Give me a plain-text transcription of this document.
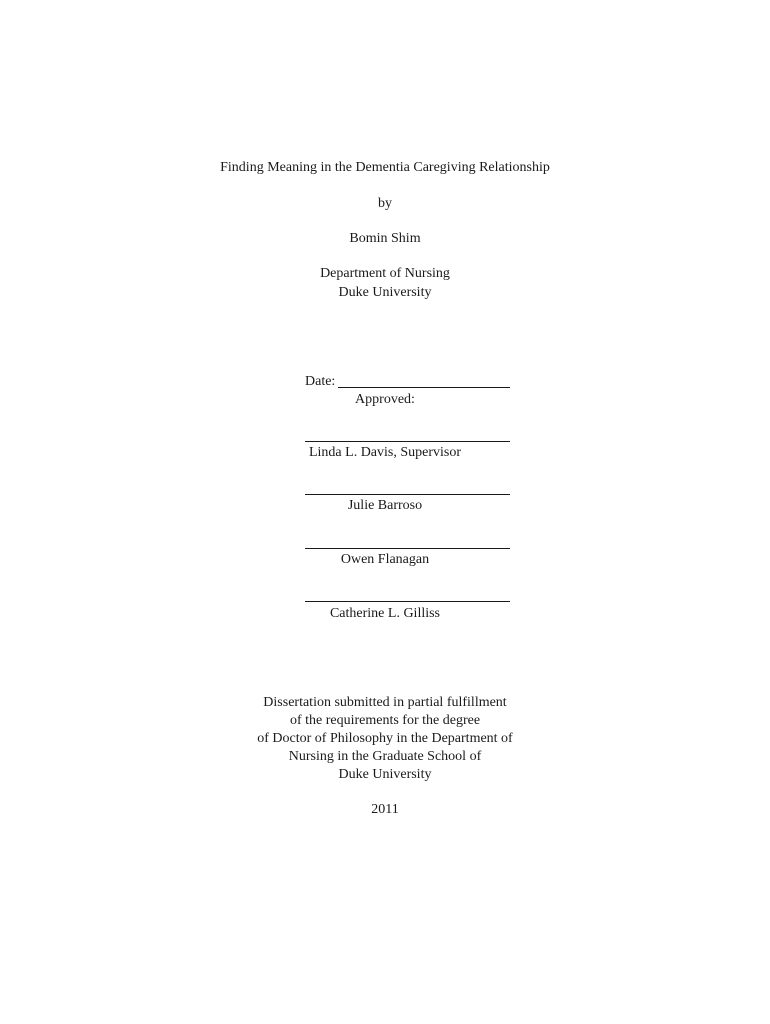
Finding Meaning in the Dementia Caregiving Relationship
by
Bomin Shim
Department of Nursing
Duke University
Date:
Approved:
Linda L. Davis, Supervisor
Julie Barroso
Owen Flanagan
Catherine L. Gilliss
Dissertation submitted in partial fulfillment
of the requirements for the degree
of Doctor of Philosophy in the Department of
Nursing in the Graduate School of
Duke University
2011
